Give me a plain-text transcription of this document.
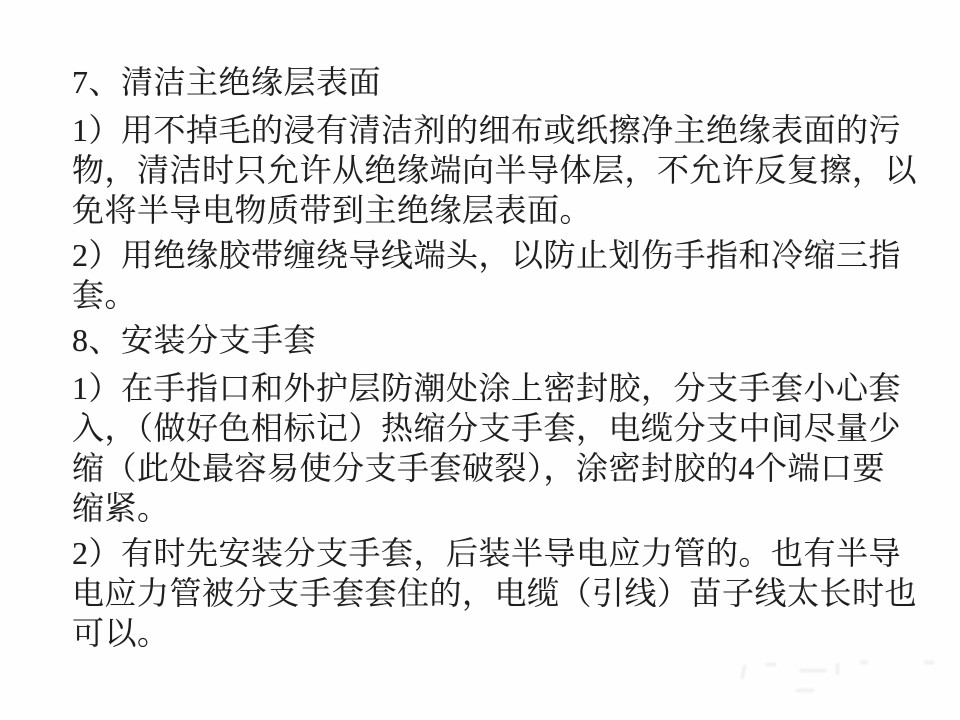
7、清洁主绝缘层表面
1）用不掉毛的浸有清洁剂的细布或纸擦净主绝缘表面的污
物，清洁时只允许从绝缘端向半导体层，不允许反复擦，以
免将半导电物质带到主绝缘层表面。
2）用绝缘胶带缠绕导线端头，以防止划伤手指和冷缩三指
套。
8、安装分支手套
1）在手指口和外护层防潮处涂上密封胶，分支手套小心套
入，（做好色相标记）热缩分支手套，电缆分支中间尽量少
缩（此处最容易使分支手套破裂），涂密封胶的4个端口要
缩紧。
2）有时先安装分支手套，后装半导电应力管的。也有半导
电应力管被分支手套套住的，电缆（引线）苗子线太长时也
可以。
